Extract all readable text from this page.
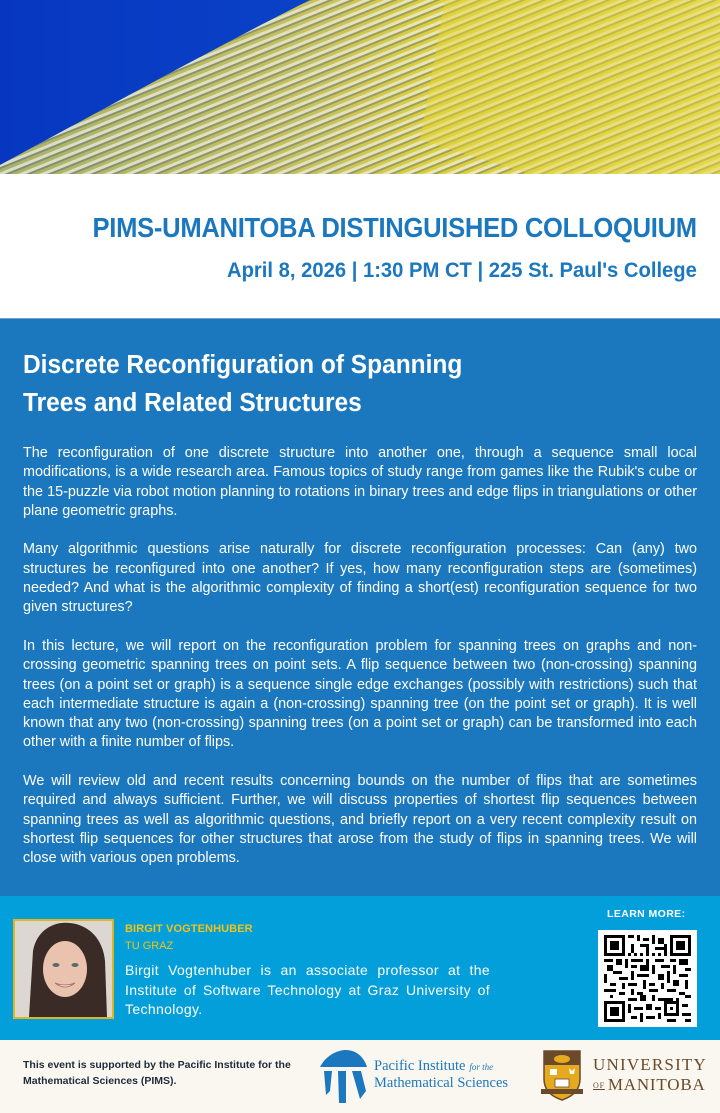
PIMS-UMANITOBA DISTINGUISHED COLLOQUIUM
April 8, 2026 | 1:30 PM CT | 225 St. Paul's College
Discrete Reconfiguration of Spanning
Trees and Related Structures

The reconfiguration of one discrete structure into another one, through a sequence small local modifications, is a wide research area. Famous topics of study range from games like the Rubik's cube or the 15-puzzle via robot motion planning to rotations in binary trees and edge flips in triangulations or other plane geometric graphs.

Many algorithmic questions arise naturally for discrete reconfiguration processes: Can (any) two structures be reconfigured into one another? If yes, how many reconfiguration steps are (sometimes) needed? And what is the algorithmic complexity of finding a short(est) reconfiguration sequence for two given structures?

In this lecture, we will report on the reconfiguration problem for spanning trees on graphs and non-crossing geometric spanning trees on point sets. A flip sequence between two (non-crossing) spanning trees (on a point set or graph) is a sequence single edge exchanges (possibly with restrictions) such that each intermediate structure is again a (non-crossing) spanning tree (on the point set or graph). It is well known that any two (non-crossing) spanning trees (on a point set or graph) can be transformed into each other with a finite number of flips.

We will review old and recent results concerning bounds on the number of flips that are sometimes required and always sufficient. Further, we will discuss properties of shortest flip sequences between spanning trees as well as algorithmic questions, and briefly report on a very recent complexity result on shortest flip sequences for other structures that arose from the study of flips in spanning trees. We will close with various open problems.

BIRGIT VOGTENHUBER
TU GRAZ
Birgit Vogtenhuber is an associate professor at the Institute of Software Technology at Graz University of Technology.
LEARN MORE:
This event is supported by the Pacific Institute for the Mathematical Sciences (PIMS).
Pacific Institute for the
Mathematical Sciences
UNIVERSITY
OF MANITOBA
